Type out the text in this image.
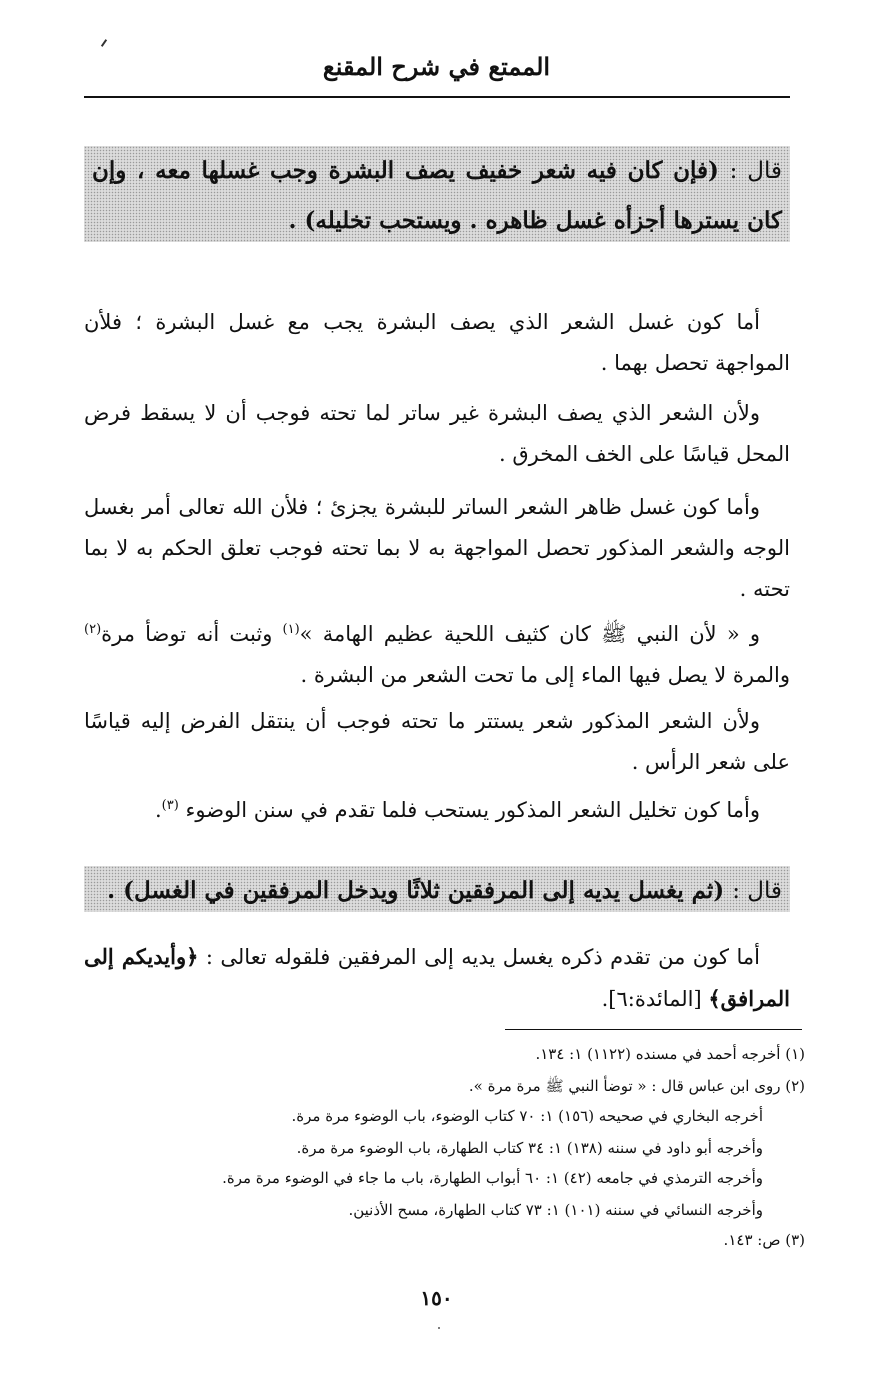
الممتع في شرح المقنع
قال : (فإن كان فيه شعر خفيف يصف البشرة وجب غسلها معه ، وإن كان يسترها أجزأه غسل ظاهره . ويستحب تخليله) .
أما كون غسل الشعر الذي يصف البشرة يجب مع غسل البشرة ؛ فلأن المواجهة تحصل بهما .
ولأن الشعر الذي يصف البشرة غير ساتر لما تحته فوجب أن لا يسقط فرض المحل قياسًا على الخف المخرق .
وأما كون غسل ظاهر الشعر الساتر للبشرة يجزئ ؛ فلأن الله تعالى أمر بغسل الوجه والشعر المذكور تحصل المواجهة به لا بما تحته فوجب تعلق الحكم به لا بما تحته .
و « لأن النبي ﷺ كان كثيف اللحية عظيم الهامة »$^{(١)}$ وثبت أنه توضأ مرة$^{(٢)}$ والمرة لا يصل فيها الماء إلى ما تحت الشعر من البشرة .
ولأن الشعر المذكور شعر يستتر ما تحته فوجب أن ينتقل الفرض إليه قياسًا على شعر الرأس .
وأما كون تخليل الشعر المذكور يستحب فلما تقدم في سنن الوضوء $^{(٣)}$.
قال : (ثم يغسل يديه إلى المرفقين ثلاثًا ويدخل المرفقين في الغسل) .
أما كون من تقدم ذكره يغسل يديه إلى المرفقين فلقوله تعالى : ﴿وأيديكم إلى المرافق﴾ [المائدة:٦].
(١) أخرجه أحمد في مسنده (١١٢٢) ١: ١٣٤.
(٢) روى ابن عباس قال : « توضأ النبي ﷺ مرة مرة ».
أخرجه البخاري في صحيحه (١٥٦) ١: ٧٠ كتاب الوضوء، باب الوضوء مرة مرة.
وأخرجه أبو داود في سننه (١٣٨) ١: ٣٤ كتاب الطهارة، باب الوضوء مرة مرة.
وأخرجه الترمذي في جامعه (٤٢) ١: ٦٠ أبواب الطهارة، باب ما جاء في الوضوء مرة مرة.
وأخرجه النسائي في سننه (١٠١) ١: ٧٣ كتاب الطهارة، مسح الأذنين.
(٣) ص: ١٤٣.
١٥٠
